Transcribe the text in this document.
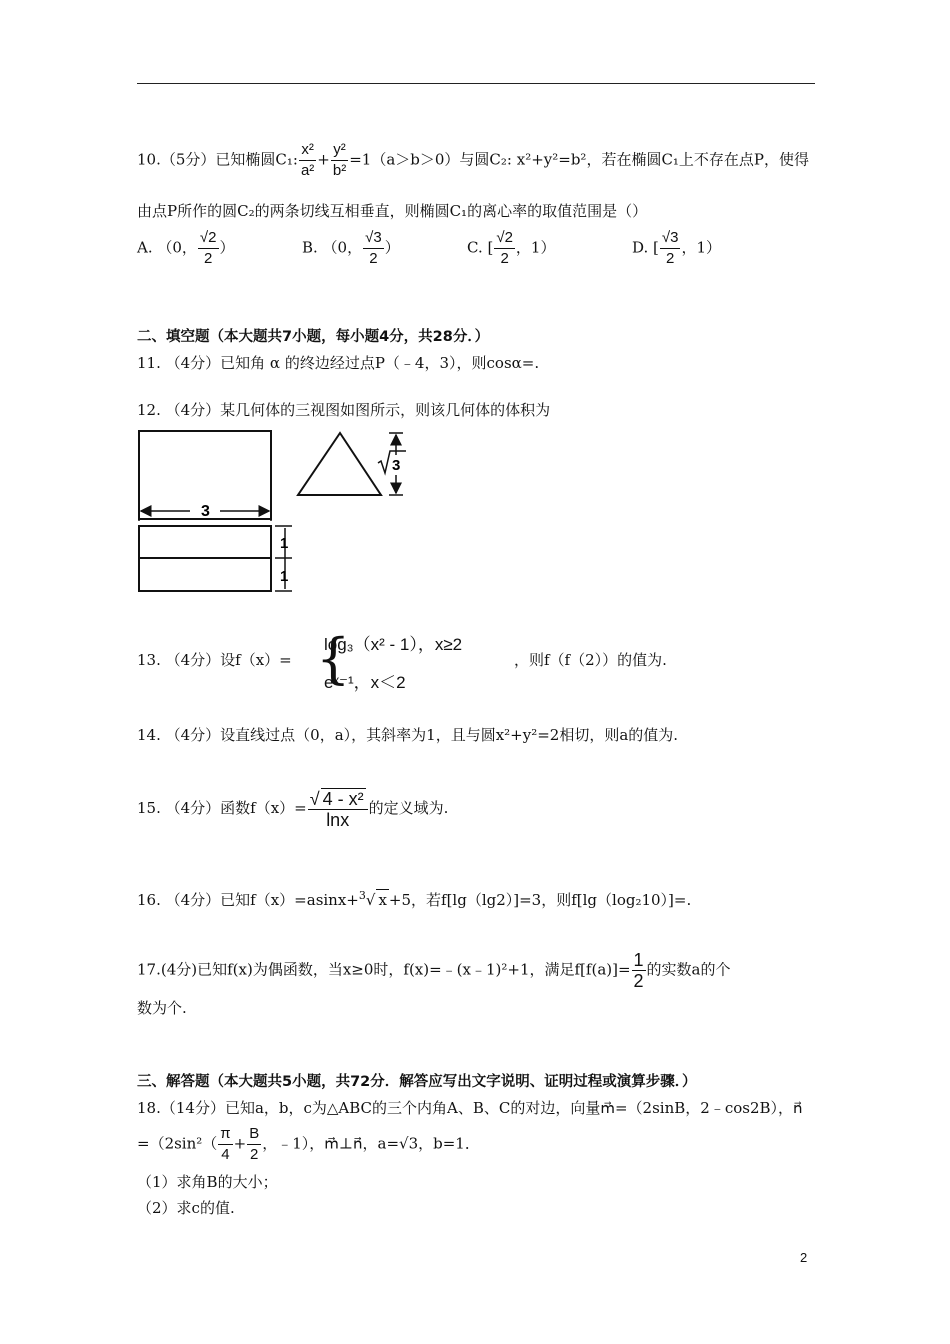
10.（5分）已知椭圆C₁: $\frac{\text{x²}}{\text{a²}} + \frac{\text{y²}}{\text{b²}} =1(a>b>0)$与圆C₂: x²+y²=b²，若在椭圆C₁上不存在点P，使得
由点P所作的圆C₂的两条切线互相垂直，则椭圆C₁的离心率的取值范围是（）
A. （0， $\frac{√2}{2}$ ）	B. （0， $\frac{√3}{2}$ ）	C. [ $\frac{√2}{2}$ ，1）	D. [ $\frac{√3}{2}$ ，1）
二、填空题（本大题共7小题，每小题4分，共28分．）
11. （4分）已知角 α 的终边经过点P（﹣4，3），则cosα=.
12. （4分）某几何体的三视图如图所示，则该几何体的体积为
3
3
1
1
13. （4分）设f（x）= {
log₃（x² - 1），x≥2
eˣ⁻¹，x＜2
，则f（f（2））的值为.
14. （4分）设直线过点（0，a），其斜率为1，且与圆x²+y²=2相切，则a的值为.
15. （4分）函数$f(x)= \frac{\text{√ 4 - x²}}{\ln x}$ 的定义域为.
16. （4分）已知f（x）=asinx+$^3$√ x +5，若f[lg（lg2）]=3，则f[lg（log₂10）]=.
17.(4分)已知f(x)为偶函数，当x≥0时，f(x)=﹣(x﹣1)²+1，满足$f[f(a)]= \frac{1}{2}$ 的实数a的个
数为个.
三、解答题（本大题共5小题，共72分．解答应写出文字说明、证明过程或演算步骤．）
18.（14分）已知a，b，c为△ABC的三个内角A、B、C的对边，向量m⃗=（2sinB，2﹣cos2B），n⃗
$=(2\sin^2( \frac{\pi}{4} + \frac{B}{2}$ ，﹣1），m⃗⊥n⃗，a=√3，b=1．
（1）求角B的大小；
（2）求c的值.
2
